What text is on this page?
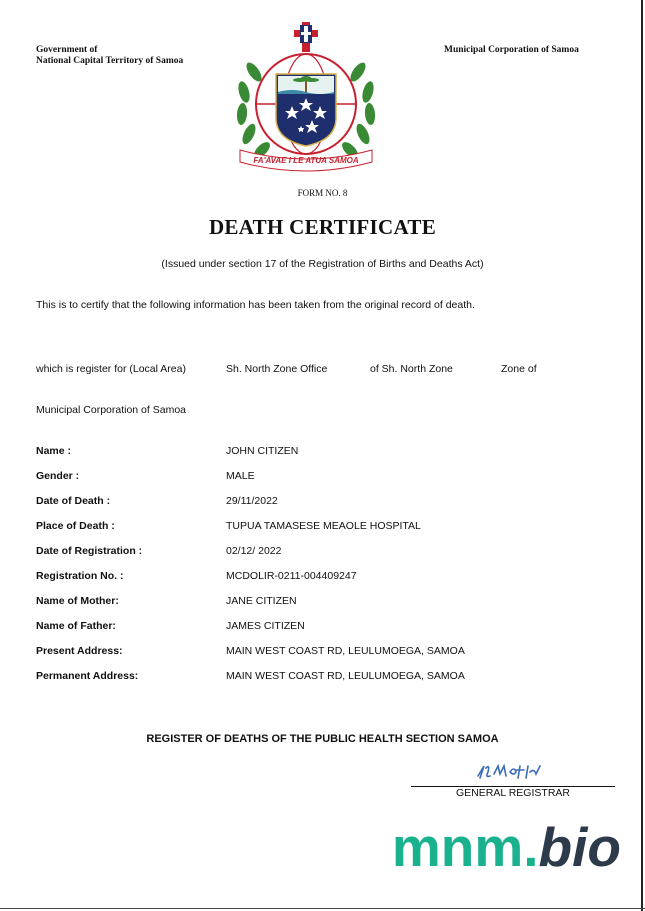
Government of
National Capital Territory of Samoa
Municipal Corporation of Samoa
FA'AVAE I LE ATUA SAMOA
FORM NO. 8
DEATH CERTIFICATE
(Issued under section 17 of the Registration of Births and Deaths Act)
This is to certify that the following information has been taken from the original record of death.
which is register for (Local Area)	Sh. North Zone Office	of Sh. North Zone	Zone of
Municipal Corporation of Samoa
Name :	JOHN CITIZEN
Gender :	MALE
Date of Death :	29/11/2022
Place of Death :	TUPUA TAMASESE MEAOLE HOSPITAL
Date of Registration :	02/12/ 2022
Registration No. :	MCDOLIR-0211-004409247
Name of Mother:	JANE CITIZEN
Name of Father:	JAMES CITIZEN
Present Address:	MAIN WEST COAST RD, LEULUMOEGA, SAMOA
Permanent Address:	MAIN WEST COAST RD, LEULUMOEGA, SAMOA
REGISTER OF DEATHS OF THE PUBLIC HEALTH SECTION SAMOA
GENERAL REGISTRAR
mnm.bio
